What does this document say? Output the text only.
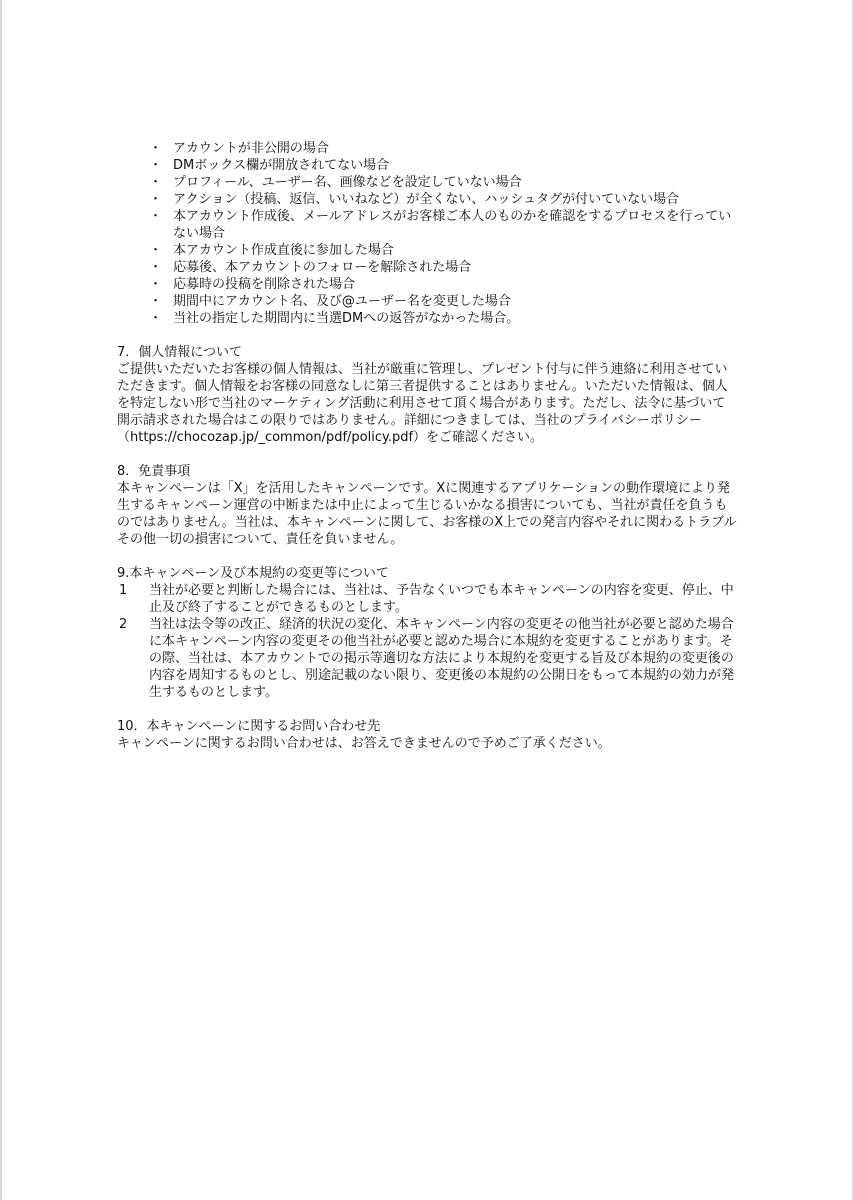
・ アカウントが非公開の場合
・ DMボックス欄が開放されてない場合
・ プロフィール、ユーザー名、画像などを設定していない場合
・ アクション（投稿、返信、いいねなど）が全くない、ハッシュタグが付いていない場合
・ 本アカウント作成後、メールアドレスがお客様ご本人のものかを確認をするプロセスを行っていない場合
・ 本アカウント作成直後に参加した場合
・ 応募後、本アカウントのフォローを解除された場合
・ 応募時の投稿を削除された場合
・ 期間中にアカウント名、及び@ユーザー名を変更した場合
・ 当社の指定した期間内に当選DMへの返答がなかった場合。
7．個人情報について
ご提供いただいたお客様の個人情報は、当社が厳重に管理し、プレゼント付与に伴う連絡に利用させていただきます。個人情報をお客様の同意なしに第三者提供することはありません。いただいた情報は、個人を特定しない形で当社のマーケティング活動に利用させて頂く場合があります。ただし、法令に基づいて開示請求された場合はこの限りではありません。詳細につきましては、当社のプライバシーポリシー（https://chocozap.jp/_common/pdf/policy.pdf）をご確認ください。
8．免責事項
本キャンペーンは「X」を活用したキャンペーンです。Xに関連するアプリケーションの動作環境により発生するキャンペーン運営の中断または中止によって生じるいかなる損害についても、当社が責任を負うものではありません。当社は、本キャンペーンに関して、お客様のX上での発言内容やそれに関わるトラブルその他一切の損害について、責任を負いません。
9.本キャンペーン及び本規約の変更等について
1 当社が必要と判断した場合には、当社は、予告なくいつでも本キャンペーンの内容を変更、停止、中止及び終了することができるものとします。
2 当社は法令等の改正、経済的状況の変化、本キャンペーン内容の変更その他当社が必要と認めた場合に本キャンペーン内容の変更その他当社が必要と認めた場合に本規約を変更することがあります。その際、当社は、本アカウントでの掲示等適切な方法により本規約を変更する旨及び本規約の変更後の内容を周知するものとし、別途記載のない限り、変更後の本規約の公開日をもって本規約の効力が発生するものとします。
10．本キャンペーンに関するお問い合わせ先
キャンペーンに関するお問い合わせは、お答えできませんので予めご了承ください。
